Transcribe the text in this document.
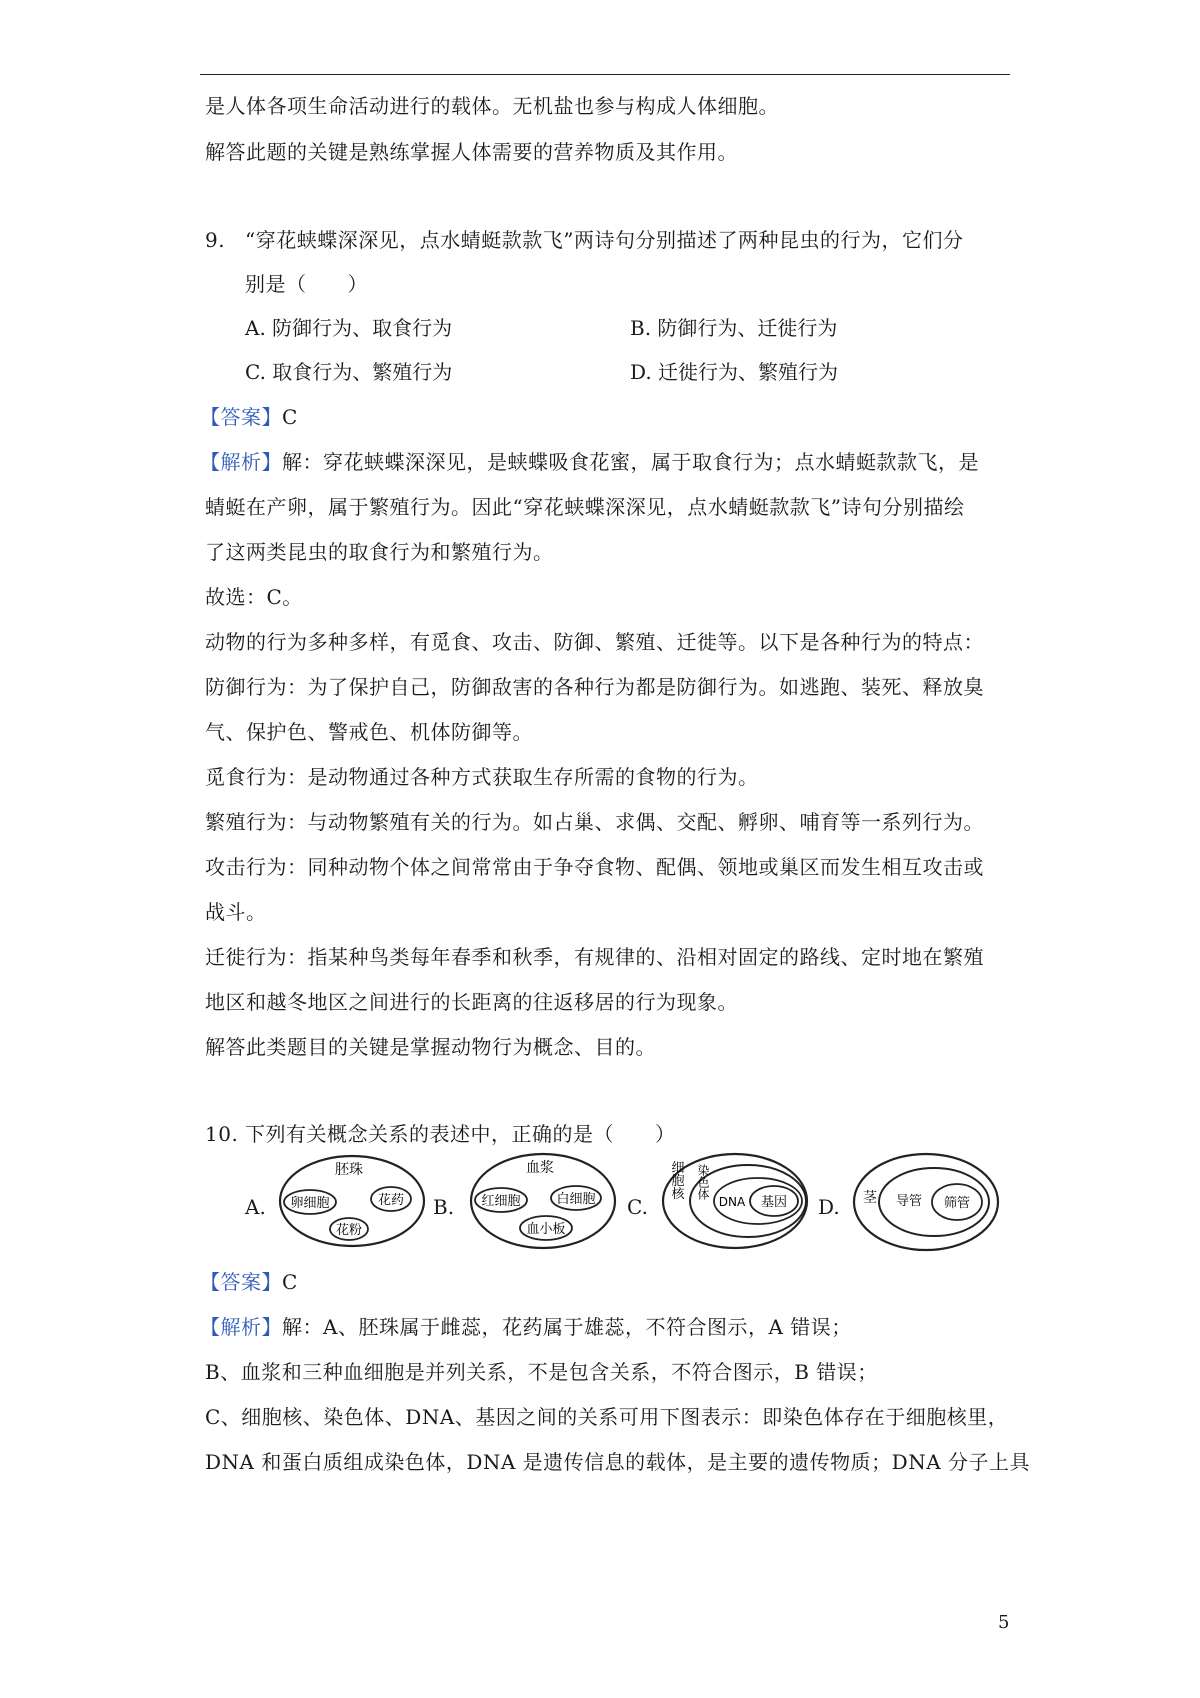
是人体各项生命活动进行的载体。无机盐也参与构成人体细胞。
解答此题的关键是熟练掌握人体需要的营养物质及其作用。
9. “穿花蛱蝶深深见，点水蜻蜓款款飞”两诗句分别描述了两种昆虫的行为，它们分
别是（　　）
A. 防御行为、取食行为	B. 防御行为、迁徙行为
C. 取食行为、繁殖行为	D. 迁徙行为、繁殖行为
【答案】C
【解析】解：穿花蛱蝶深深见，是蛱蝶吸食花蜜，属于取食行为；点水蜻蜓款款飞，是
蜻蜓在产卵，属于繁殖行为。因此“穿花蛱蝶深深见，点水蜻蜓款款飞”诗句分别描绘
了这两类昆虫的取食行为和繁殖行为。
故选：C。
动物的行为多种多样，有觅食、攻击、防御、繁殖、迁徙等。以下是各种行为的特点：
防御行为：为了保护自己，防御敌害的各种行为都是防御行为。如逃跑、装死、释放臭
气、保护色、警戒色、机体防御等。
觅食行为：是动物通过各种方式获取生存所需的食物的行为。
繁殖行为：与动物繁殖有关的行为。如占巢、求偶、交配、孵卵、哺育等一系列行为。
攻击行为：同种动物个体之间常常由于争夺食物、配偶、领地或巢区而发生相互攻击或
战斗。
迁徙行为：指某种鸟类每年春季和秋季，有规律的、沿相对固定的路线、定时地在繁殖
地区和越冬地区之间进行的长距离的往返移居的行为现象。
解答此类题目的关键是掌握动物行为概念、目的。
10. 下列有关概念关系的表述中，正确的是（　　）
A.	B.	C.	D.
胚珠
卵细胞	花药
花粉
血浆
红细胞	白细胞
血小板
细胞核 染色体
DNA 基因	茎 导管 筛管
【答案】C
【解析】解：A、胚珠属于雌蕊，花药属于雄蕊，不符合图示，A 错误；
B、血浆和三种血细胞是并列关系，不是包含关系，不符合图示，B 错误；
C、细胞核、染色体、DNA、基因之间的关系可用下图表示：即染色体存在于细胞核里，
DNA 和蛋白质组成染色体，DNA 是遗传信息的载体，是主要的遗传物质；DNA 分子上具
5
